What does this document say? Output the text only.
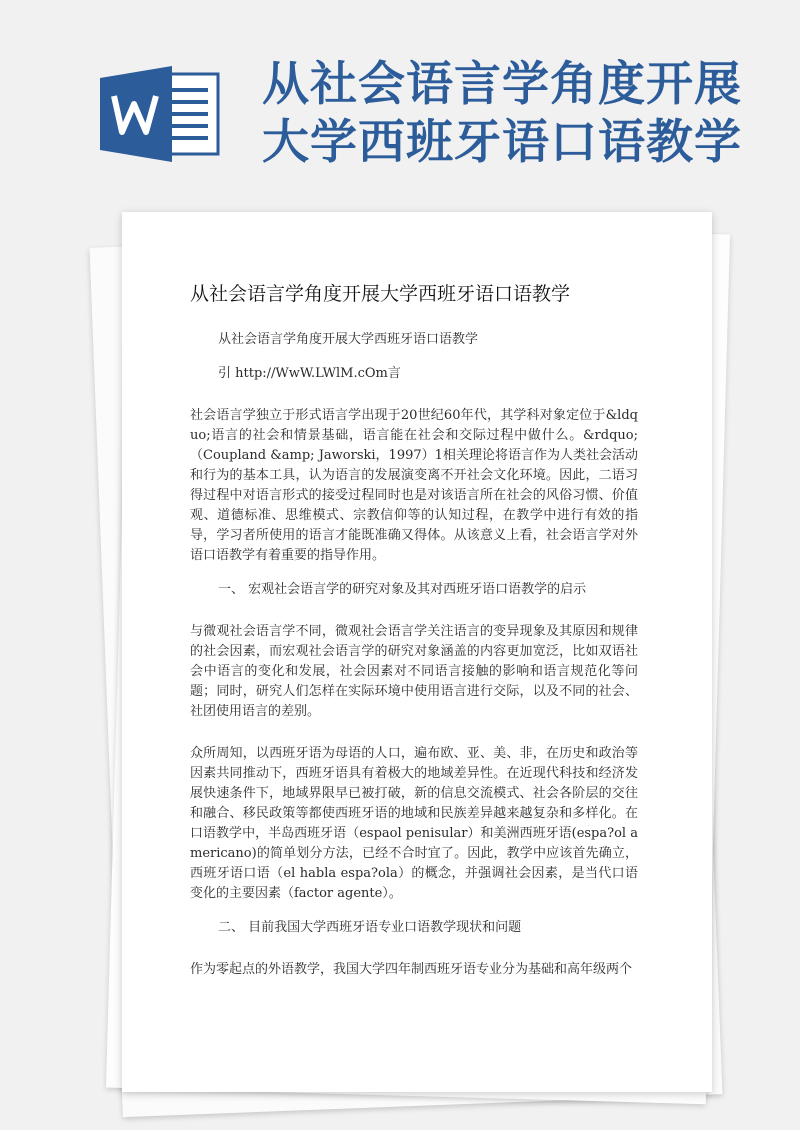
从社会语言学角度开展
大学西班牙语口语教学
从社会语言学角度开展大学西班牙语口语教学

从社会语言学角度开展大学西班牙语口语教学

引 http://WwW.LWlM.cOm言

社会语言学独立于形式语言学出现于20世纪60年代，其学科对象定位于&ldquo;语言的社会和情景基础，语言能在社会和交际过程中做什么。&rdquo;（Coupland &amp; Jaworski，1997）1相关理论将语言作为人类社会活动和行为的基本工具，认为语言的发展演变离不开社会文化环境。因此，二语习得过程中对语言形式的接受过程同时也是对该语言所在社会的风俗习惯、价值观、道德标准、思维模式、宗教信仰等的认知过程，在教学中进行有效的指导，学习者所使用的语言才能既准确又得体。从该意义上看，社会语言学对外语口语教学有着重要的指导作用。

一、 宏观社会语言学的研究对象及其对西班牙语口语教学的启示

与微观社会语言学不同，微观社会语言学关注语言的变异现象及其原因和规律的社会因素，而宏观社会语言学的研究对象涵盖的内容更加宽泛，比如双语社会中语言的变化和发展，社会因素对不同语言接触的影响和语言规范化等问题；同时，研究人们怎样在实际环境中使用语言进行交际，以及不同的社会、社团使用语言的差别。

众所周知，以西班牙语为母语的人口，遍布欧、亚、美、非，在历史和政治等因素共同推动下，西班牙语具有着极大的地域差异性。在近现代科技和经济发展快速条件下，地域界限早已被打破，新的信息交流模式、社会各阶层的交往和融合、移民政策等都使西班牙语的地域和民族差异越来越复杂和多样化。在口语教学中，半岛西班牙语（espaol penisular）和美洲西班牙语(espa?ol americano)的简单划分方法，已经不合时宜了。因此，教学中应该首先确立，西班牙语口语（el habla espa?ola）的概念，并强调社会因素，是当代口语变化的主要因素（factor agente）。

二、 目前我国大学西班牙语专业口语教学现状和问题

作为零起点的外语教学，我国大学四年制西班牙语专业分为基础和高年级两个
